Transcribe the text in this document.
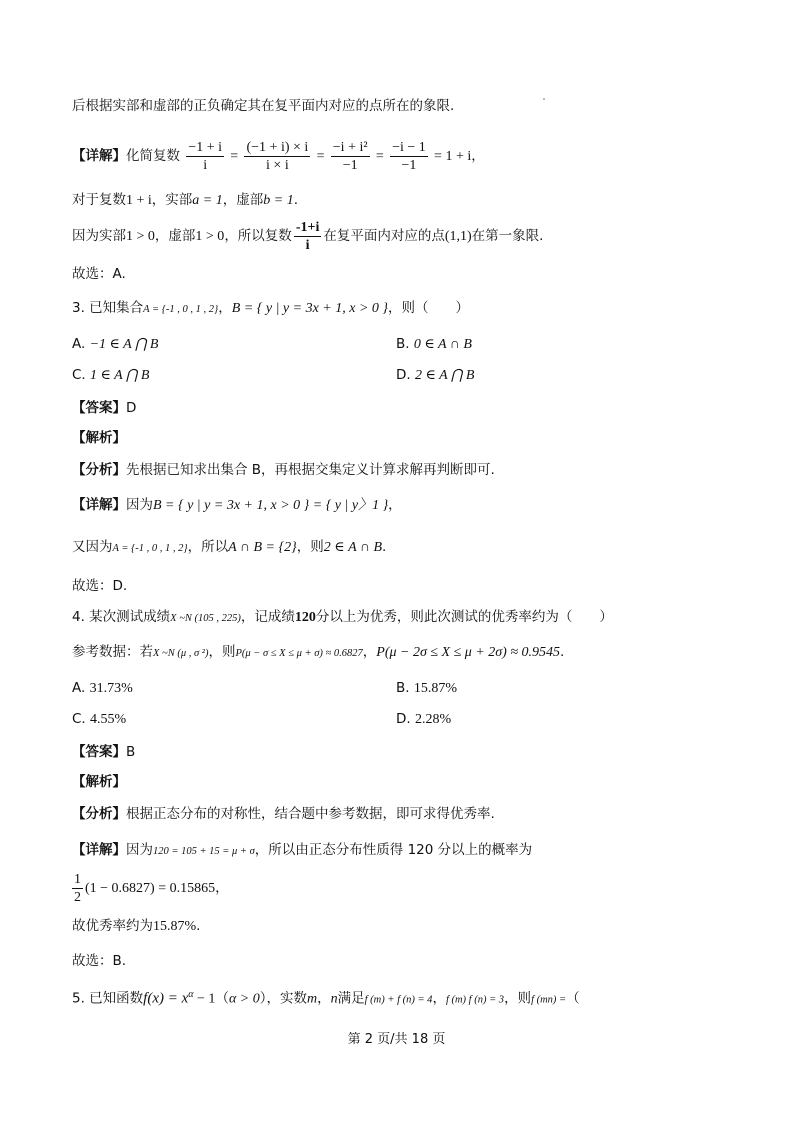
后根据实部和虚部的正负确定其在复平面内对应的点所在的象限.
【详解】化简复数 $\frac{-1 + i}{i} = \frac{(-1 + i) \times i}{i \times i} = \frac{\text{−i + i²}}{-1} = \frac{-i - 1}{-1} = 1 + i$，
对于复数1 + i，实部a = 1，虚部b = 1.
因为实部1 > 0，虚部1 > 0，所以复数 $\frac{-1+i}{i}$ 在复平面内对应的点(1,1)在第一象限.
故选：A.
3. 已知集合A = {-1 , 0 , 1 , 2}，B = { y | y = 3x + 1, x > 0 }，则（　　）
A. −1 ∈ A ⋂ B	B. 0 ∈ A ∩ B
C. 1 ∈ A ⋂ B	D. 2 ∈ A ⋂ B
【答案】D
【解析】
【分析】先根据已知求出集合 B，再根据交集定义计算求解再判断即可.
【详解】因为B = { y | y = 3x + 1, x > 0 } = { y | y〉1 }，
又因为A = {-1 , 0 , 1 , 2}，所以A ∩ B = {2}，则2 ∈ A ∩ B.
故选：D.
4. 某次测试成绩X ~N (105 , 225)，记成绩120分以上为优秀，则此次测试的优秀率约为（　　）
参考数据：若X ~N (μ , σ ²)，则P(μ − σ ≤ X ≤ μ + σ) ≈ 0.6827，P(μ − 2σ ≤ X ≤ μ + 2σ) ≈ 0.9545.
A. 31.73%	B. 15.87%
C. 4.55%	D. 2.28%
【答案】B
【解析】
【分析】根据正态分布的对称性，结合题中参考数据，即可求得优秀率.
【详解】因为120 = 105 + 15 = μ + σ，所以由正态分布性质得 120 分以上的概率为
$\frac{1}{2} (1 - 0.6827) = 0.15865$，
故优秀率约为15.87%.
故选：B.
5. 已知函数$f(x) = x^\alpha - 1(\alpha > 0)$，实数m，n满足f (m) + f (n) = 4，f (m) f (n) = 3，则f (mn) =（
第 2 页/共 18 页
